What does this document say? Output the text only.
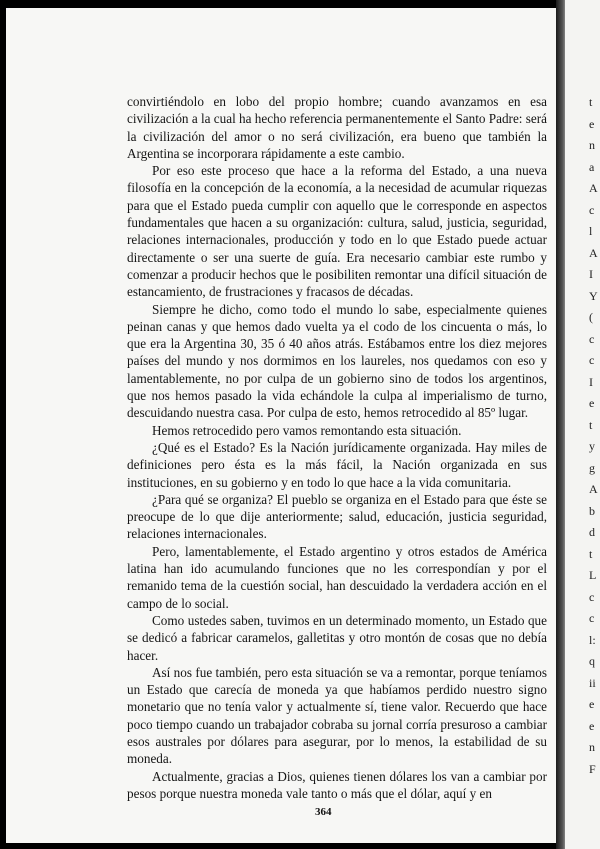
t
e
n
a
A
c
l
A
I
Y
(
c
c
I
e
t
y
g
A
b
d
t
L
c
c
l:
q
ii
e
e
n
F

convirtiéndolo en lobo del propio hombre; cuando avanzamos en esa civilización a la cual ha hecho referencia permanentemente el Santo Padre: será la civilización del amor o no será civilización, era bueno que también la Argentina se incorporara rápidamente a este cambio.

Por eso este proceso que hace a la reforma del Estado, a una nueva filosofía en la concepción de la economía, a la necesidad de acumular riquezas para que el Estado pueda cumplir con aquello que le corresponde en aspectos fundamentales que hacen a su organización: cultura, salud, justicia, seguridad, relaciones internacionales, producción y todo en lo que Estado puede actuar directamente o ser una suerte de guía. Era necesario cambiar este rumbo y comenzar a producir hechos que le posibiliten remontar una difícil situación de estancamiento, de frustraciones y fracasos de décadas.

Siempre he dicho, como todo el mundo lo sabe, especialmente quienes peinan canas y que hemos dado vuelta ya el codo de los cincuenta o más, lo que era la Argentina 30, 35 ó 40 años atrás. Estábamos entre los diez mejores países del mundo y nos dormimos en los laureles, nos quedamos con eso y lamentablemente, no por culpa de un gobierno sino de todos los argentinos, que nos hemos pasado la vida echándole la culpa al imperialismo de turno, descuidando nuestra casa. Por culpa de esto, hemos retrocedido al 85º lugar.

Hemos retrocedido pero vamos remontando esta situación.

¿Qué es el Estado? Es la Nación jurídicamente organizada. Hay miles de definiciones pero ésta es la más fácil, la Nación organizada en sus instituciones, en su gobierno y en todo lo que hace a la vida comunitaria.

¿Para qué se organiza? El pueblo se organiza en el Estado para que éste se preocupe de lo que dije anteriormente; salud, educación, justicia seguridad, relaciones internacionales.

Pero, lamentablemente, el Estado argentino y otros estados de América latina han ido acumulando funciones que no les correspondían y por el remanido tema de la cuestión social, han descuidado la verdadera acción en el campo de lo social.

Como ustedes saben, tuvimos en un determinado momento, un Estado que se dedicó a fabricar caramelos, galletitas y otro montón de cosas que no debía hacer.

Así nos fue también, pero esta situación se va a remontar, porque teníamos un Estado que carecía de moneda ya que habíamos perdido nuestro signo monetario que no tenía valor y actualmente sí, tiene valor. Recuerdo que hace poco tiempo cuando un trabajador cobraba su jornal corría presuroso a cambiar esos australes por dólares para asegurar, por lo menos, la estabilidad de su moneda.

Actualmente, gracias a Dios, quienes tienen dólares los van a cambiar por pesos porque nuestra moneda vale tanto o más que el dólar, aquí y en

364
